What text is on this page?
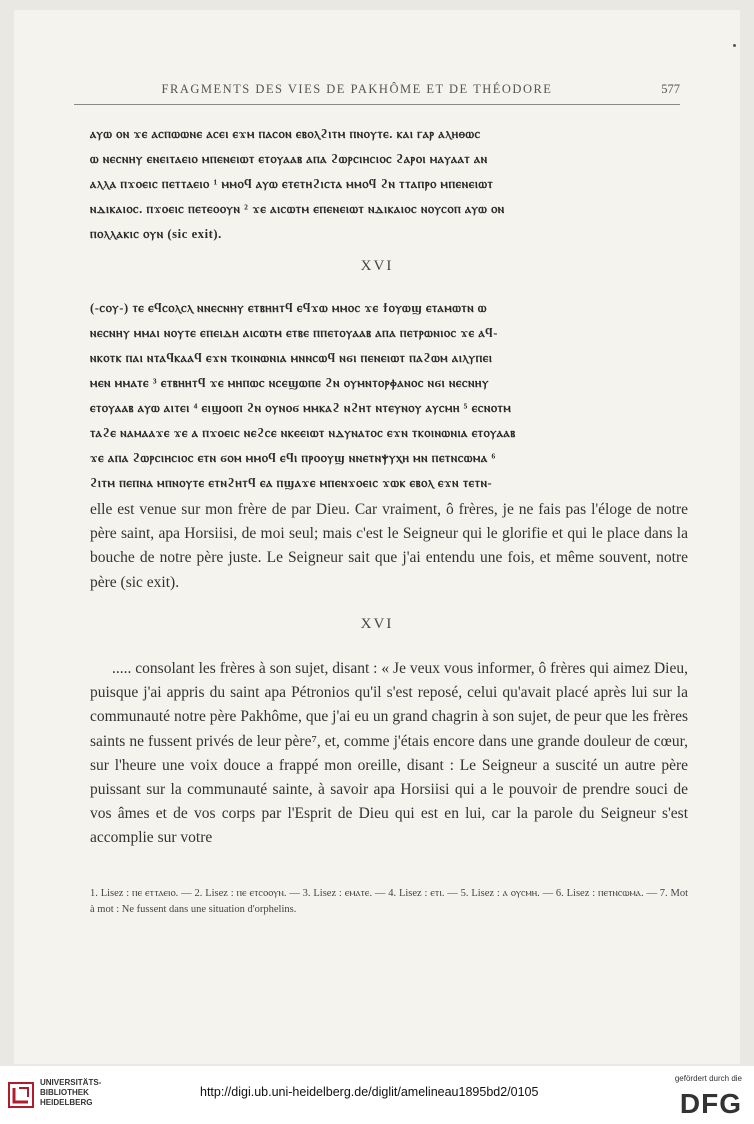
FRAGMENTS DES VIES DE PAKHÔME ET DE THÉODORE	577

ⲁⲩⲱ ⲟⲛ ϫⲉ ⲁⲥⲡⲱⲱⲛⲉ ⲁⲥⲉⲓ ⲉϫⲙ ⲡⲁⲥⲟⲛ ⲉⲃⲟⲗϩⲓⲧⲙ ⲡⲛⲟⲩⲧⲉ. ⲕⲁⲓ ⲅⲁⲣ ⲁⲗⲏⲑⲱⲥ

ⲱ ⲛⲉⲥⲛⲏⲩ ⲉⲛⲉⲓⲧⲁⲉⲓⲟ ⲙⲡⲉⲛⲉⲓⲱⲧ ⲉⲧⲟⲩⲁⲁⲃ ⲁⲡⲁ ϩⲱⲣⲥⲓⲏⲥⲓⲟⲥ ϩⲁⲣⲟⲓ ⲙⲁⲩⲁⲁⲧ ⲁⲛ

ⲁⲗⲗⲁ ⲡϫⲟⲉⲓⲥ ⲡⲉⲧⲧⲁⲉⲓⲟ ¹ ⲙⲙⲟϥ ⲁⲩⲱ ⲉⲧⲉⲧⲏϩⲓⲥⲧⲁ ⲙⲙⲟϥ ϩⲛ ⲧⲧⲁⲡⲣⲟ ⲙⲡⲉⲛⲉⲓⲱⲧ

ⲛⲇⲓⲕⲁⲓⲟⲥ. ⲡϫⲟⲉⲓⲥ ⲡⲉⲧⲉⲟⲟⲩⲛ ² ϫⲉ ⲁⲓⲥⲱⲧⲙ ⲉⲡⲉⲛⲉⲓⲱⲧ ⲛⲇⲓⲕⲁⲓⲟⲥ ⲛⲟⲩⲥⲟⲡ ⲁⲩⲱ ⲟⲛ

ⲡⲟⲗⲗⲁⲕⲓⲥ ⲟⲩⲛ (sic exit).

XVI

(-ⲥⲟⲩ-) ⲧⲉ ⲉϥⲥⲟⲗⲥⲗ ⲛⲛⲉⲥⲛⲏⲩ ⲉⲧⲃⲏⲏⲧϥ ⲉϥϫⲱ ⲙⲙⲟⲥ ϫⲉ ϯⲟⲩⲱϣ ⲉⲧⲁⲙⲱⲧⲛ ⲱ

ⲛⲉⲥⲛⲏⲩ ⲙⲙⲁⲓ ⲛⲟⲩⲧⲉ ⲉⲡⲉⲓⲇⲏ ⲁⲓⲥⲱⲧⲙ ⲉⲧⲃⲉ ⲡⲡⲉⲧⲟⲩⲁⲁⲃ ⲁⲡⲁ ⲡⲉⲧⲣⲱⲛⲓⲟⲥ ϫⲉ ⲁϥ-

ⲛⲕⲟⲧⲕ ⲡⲁⲓ ⲛⲧⲁϥⲕⲁⲁϥ ⲉϫⲛ ⲧⲕⲟⲓⲛⲱⲛⲓⲁ ⲙⲛⲛⲥⲱϥ ⲛϭⲓ ⲡⲉⲛⲉⲓⲱⲧ ⲡⲁϩⲱⲙ ⲁⲓⲗⲩⲡⲉⲓ

ⲙⲉⲛ ⲙⲙⲁⲧⲉ ³ ⲉⲧⲃⲏⲏⲧϥ ϫⲉ ⲙⲏⲡⲱⲥ ⲛⲥⲉϣⲱⲡⲉ ϩⲛ ⲟⲩⲙⲛⲧⲟⲣⲫⲁⲛⲟⲥ ⲛϭⲓ ⲛⲉⲥⲛⲏⲩ

ⲉⲧⲟⲩⲁⲁⲃ ⲁⲩⲱ ⲁⲓⲧⲉⲓ ⁴ ⲉⲓϣⲟⲟⲡ ϩⲛ ⲟⲩⲛⲟϭ ⲙⲙⲕⲁϩ ⲛϩⲏⲧ ⲛⲧⲉⲩⲛⲟⲩ ⲁⲩⲥⲙⲏ ⁵ ⲉⲥⲛⲟⲧⲙ

ⲧⲁϩⲉ ⲛⲁⲙⲁⲁϫⲉ ϫⲉ ⲁ ⲡϫⲟⲉⲓⲥ ⲛⲉϩⲥⲉ ⲛⲕⲉⲉⲓⲱⲧ ⲛⲇⲩⲛⲁⲧⲟⲥ ⲉϫⲛ ⲧⲕⲟⲓⲛⲱⲛⲓⲁ ⲉⲧⲟⲩⲁⲁⲃ

ϫⲉ ⲁⲡⲁ ϩⲱⲣⲥⲓⲏⲥⲓⲟⲥ ⲉⲧⲛ ϭⲟⲙ ⲙⲙⲟϥ ⲉϥⲓ ⲡⲣⲟⲟⲩϣ ⲛⲛⲉⲧⲛⲯⲩⲭⲏ ⲙⲛ ⲡⲉⲧⲛⲥⲱⲙⲁ ⁶

ϩⲓⲧⲙ ⲡⲉⲡⲛⲁ ⲙⲡⲛⲟⲩⲧⲉ ⲉⲧⲛϩⲏⲧϥ ⲉⲁ ⲡϣⲁϫⲉ ⲙⲡⲉⲛϫⲟⲉⲓⲥ ϫⲱⲕ ⲉⲃⲟⲗ ⲉϫⲛ ⲧⲉⲧⲛ-

elle est venue sur mon frère de par Dieu. Car vraiment, ô frères, je ne fais pas l'éloge de notre père saint, apa Horsiisi, de moi seul; mais c'est le Seigneur qui le glorifie et qui le place dans la bouche de notre père juste. Le Seigneur sait que j'ai entendu une fois, et même souvent, notre père (sic exit).

XVI

..... consolant les frères à son sujet, disant : « Je veux vous informer, ô frères qui aimez Dieu, puisque j'ai appris du saint apa Pétronios qu'il s'est reposé, celui qu'avait placé après lui sur la communauté notre père Pakhôme, que j'ai eu un grand chagrin à son sujet, de peur que les frères saints ne fussent privés de leur père⁷, et, comme j'étais encore dans une grande douleur de cœur, sur l'heure une voix douce a frappé mon oreille, disant : Le Seigneur a suscité un autre père puissant sur la communauté sainte, à savoir apa Horsiisi qui a le pouvoir de prendre souci de vos âmes et de vos corps par l'Esprit de Dieu qui est en lui, car la parole du Seigneur s'est accomplie sur votre

1. Lisez : ⲡⲉ ⲉⲧⲧⲁⲉⲓⲟ. — 2. Lisez : ⲡⲉ ⲉⲧⲥⲟⲟⲩⲛ. — 3. Lisez : ⲉⲙⲁⲧⲉ. — 4. Lisez : ⲉⲧⲓ. — 5. Lisez : ⲁ ⲟⲩⲥⲙⲏ. — 6. Lisez : ⲡⲉⲧⲛⲥⲱⲙⲁ. — 7. Mot à mot : Ne fussent dans une situation d'orphelins.

UNIVERSITÄTS-
BIBLIOTHEK
HEIDELBERG
http://digi.ub.uni-heidelberg.de/diglit/amelineau1895bd2/0105
gefördert durch die
DFG
